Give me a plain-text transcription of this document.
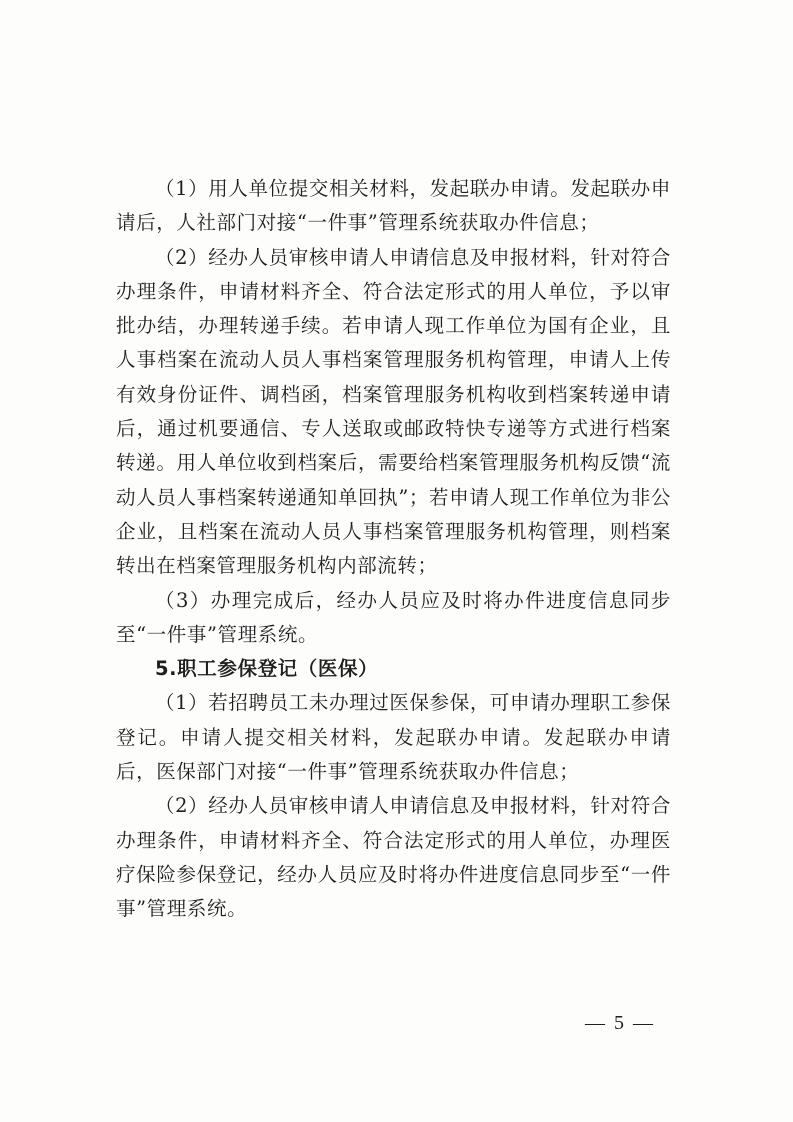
（1）用人单位提交相关材料，发起联办申请。发起联办申请后，人社部门对接“一件事”管理系统获取办件信息；

（2）经办人员审核申请人申请信息及申报材料，针对符合办理条件，申请材料齐全、符合法定形式的用人单位，予以审批办结，办理转递手续。若申请人现工作单位为国有企业，且人事档案在流动人员人事档案管理服务机构管理，申请人上传有效身份证件、调档函，档案管理服务机构收到档案转递申请后，通过机要通信、专人送取或邮政特快专递等方式进行档案转递。用人单位收到档案后，需要给档案管理服务机构反馈“流动人员人事档案转递通知单回执”；若申请人现工作单位为非公企业，且档案在流动人员人事档案管理服务机构管理，则档案转出在档案管理服务机构内部流转；

（3）办理完成后，经办人员应及时将办件进度信息同步至“一件事”管理系统。

5.职工参保登记（医保）

（1）若招聘员工未办理过医保参保，可申请办理职工参保登记。申请人提交相关材料，发起联办申请。发起联办申请后，医保部门对接“一件事”管理系统获取办件信息；

（2）经办人员审核申请人申请信息及申报材料，针对符合办理条件，申请材料齐全、符合法定形式的用人单位，办理医疗保险参保登记，经办人员应及时将办件进度信息同步至“一件事”管理系统。

— 5 —
